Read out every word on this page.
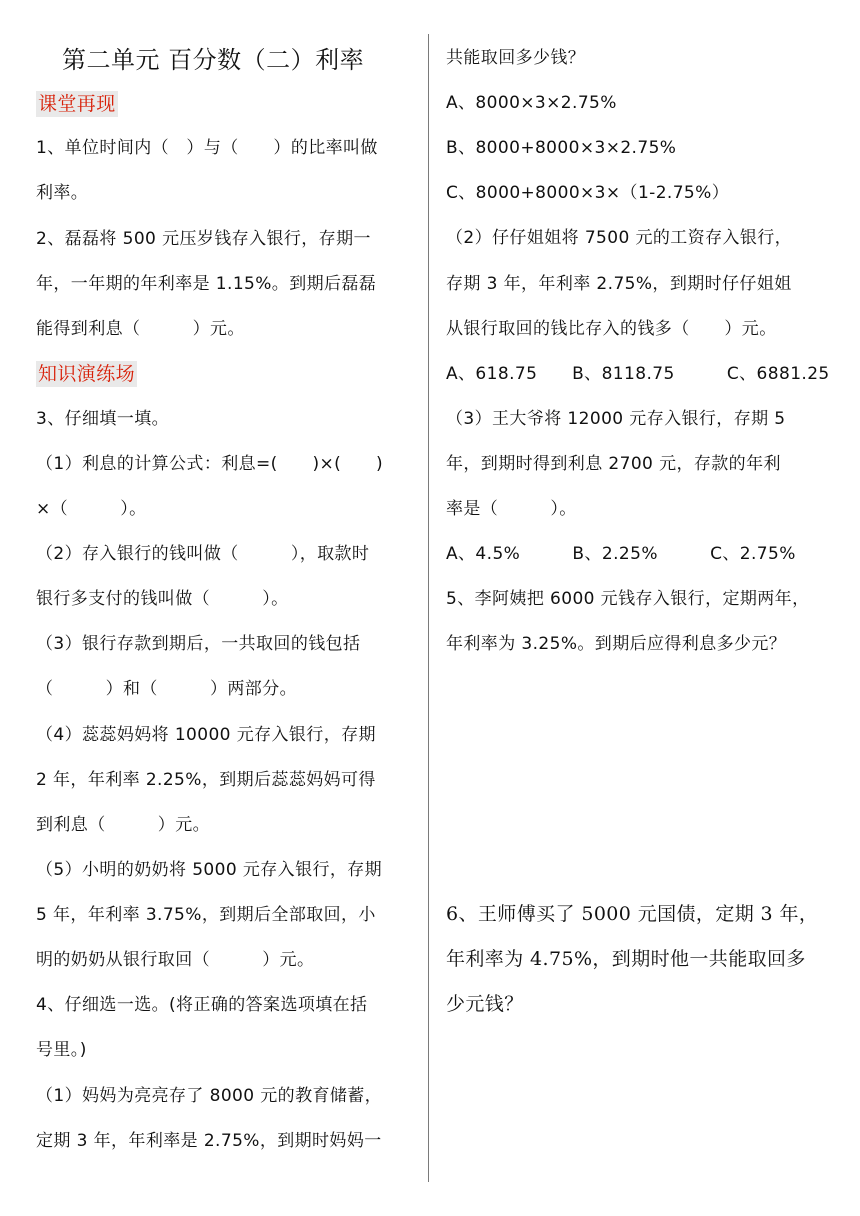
第二单元 百分数（二）利率
课堂再现
1、单位时间内（　）与（　　）的比率叫做
利率。
2、磊磊将 500 元压岁钱存入银行，存期一
年，一年期的年利率是 1.15%。到期后磊磊
能得到利息（　　　）元。
知识演练场
3、仔细填一填。
（1）利息的计算公式：利息=(　　)×(　　)
×（　　　）。
（2）存入银行的钱叫做（　　　），取款时
银行多支付的钱叫做（　　　）。
（3）银行存款到期后，一共取回的钱包括
（　　　）和（　　　）两部分。
（4）蕊蕊妈妈将 10000 元存入银行，存期
2 年，年利率 2.25%，到期后蕊蕊妈妈可得
到利息（　　　）元。
（5）小明的奶奶将 5000 元存入银行，存期
5 年，年利率 3.75%，到期后全部取回，小
明的奶奶从银行取回（　　　）元。
4、仔细选一选。(将正确的答案选项填在括
号里。)
（1）妈妈为亮亮存了 8000 元的教育储蓄，
定期 3 年，年利率是 2.75%，到期时妈妈一
共能取回多少钱？
A、8000×3×2.75%
B、8000+8000×3×2.75%
C、8000+8000×3×（1-2.75%）
（2）仔仔姐姐将 7500 元的工资存入银行，
存期 3 年，年利率 2.75%，到期时仔仔姐姐
从银行取回的钱比存入的钱多（　　）元。
A、618.75　　B、8118.75　　　C、6881.25
（3）王大爷将 12000 元存入银行，存期 5
年，到期时得到利息 2700 元，存款的年利
率是（　　　）。
A、4.5%　　　B、2.25%　　　C、2.75%
5、李阿姨把 6000 元钱存入银行，定期两年，
年利率为 3.25%。到期后应得利息多少元？
6、王师傅买了 5000 元国债，定期 3 年，
年利率为 4.75%，到期时他一共能取回多
少元钱？
